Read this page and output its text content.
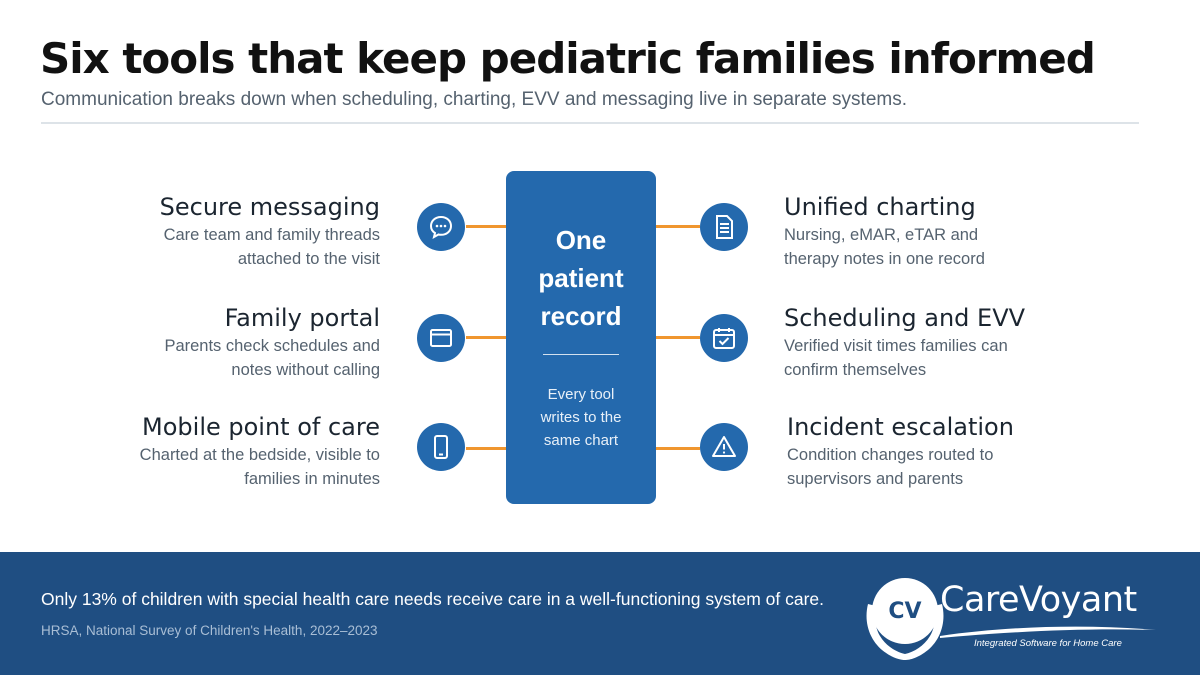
Six tools that keep pediatric families informed
Communication breaks down when scheduling, charting, EVV and messaging live in separate systems.
One patient record
Every tool writes to the same chart
Secure messaging
Care team and family threads
attached to the visit
Family portal
Parents check schedules and
notes without calling
Mobile point of care
Charted at the bedside, visible to
families in minutes
Unified charting
Nursing, eMAR, eTAR and
therapy notes in one record
Scheduling and EVV
Verified visit times families can
confirm themselves
Incident escalation
Condition changes routed to
supervisors and parents
Only 13% of children with special health care needs receive care in a well-functioning system of care.
HRSA, National Survey of Children's Health, 2022–2023
CV CareVoyant
Integrated Software for Home Care
